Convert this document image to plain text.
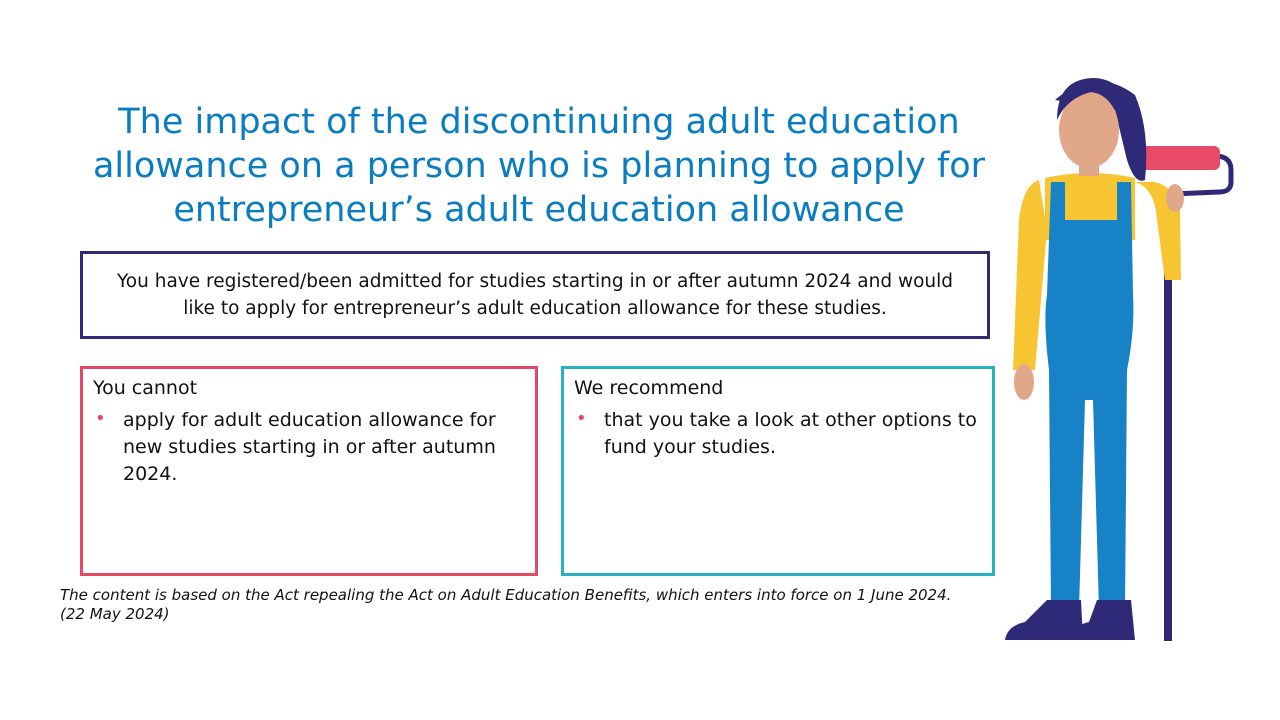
The impact of the discontinuing adult education allowance on a person who is planning to apply for entrepreneur’s adult education allowance
You have registered/been admitted for studies starting in or after autumn 2024 and would like to apply for entrepreneur’s adult education allowance for these studies.

You cannot

• apply for adult education allowance for new studies starting in or after autumn 2024.

We recommend

• that you take a look at other options to fund your studies.
The content is based on the Act repealing the Act on Adult Education Benefits, which enters into force on 1 June 2024.
(22 May 2024)
